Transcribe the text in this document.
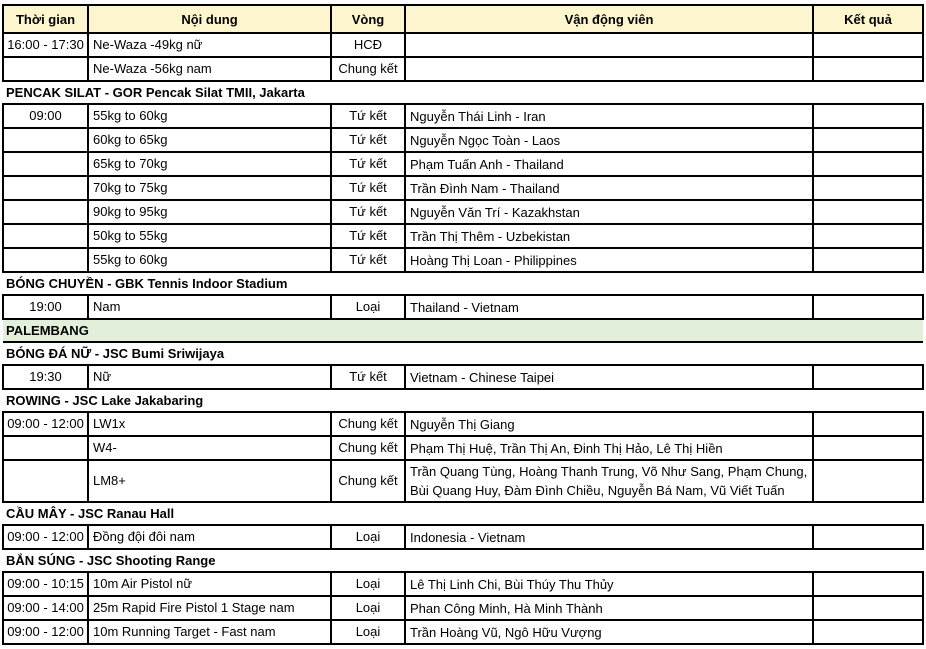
Thời gian	Nội dung	Vòng	Vận động viên	Kết quả
16:00 - 17:30	Ne-Waza -49kg nữ	HCĐ		
	Ne-Waza -56kg nam	Chung kết		
PENCAK SILAT - GOR Pencak Silat TMII, Jakarta				
09:00	55kg to 60kg	Tứ kết	Nguyễn Thái Linh - Iran	
	60kg to 65kg	Tứ kết	Nguyễn Ngọc Toàn - Laos	
	65kg to 70kg	Tứ kết	Phạm Tuấn Anh - Thailand	
	70kg to 75kg	Tứ kết	Trần Đình Nam - Thailand	
	90kg to 95kg	Tứ kết	Nguyễn Văn Trí - Kazakhstan	
	50kg to 55kg	Tứ kết	Trần Thị Thêm - Uzbekistan	
	55kg to 60kg	Tứ kết	Hoàng Thị Loan - Philippines	
BÓNG CHUYỀN - GBK Tennis Indoor Stadium				
19:00	Nam	Loại	Thailand - Vietnam	
PALEMBANG				
BÓNG ĐÁ NỮ - JSC Bumi Sriwijaya				
19:30	Nữ	Tứ kết	Vietnam - Chinese Taipei	
ROWING - JSC Lake Jakabaring				
09:00 - 12:00	LW1x	Chung kết	Nguyễn Thị Giang	
	W4-	Chung kết	Phạm Thị Huệ, Trần Thị An, Đinh Thị Hảo, Lê Thị Hiền	
	LM8+	Chung kết	Trần Quang Tùng, Hoàng Thanh Trung, Võ Như Sang, Phạm Chung, Bùi Quang Huy, Đàm Đình Chiều, Nguyễn Bá Nam, Vũ Viết Tuấn	
CẦU MÂY - JSC Ranau Hall				
09:00 - 12:00	Đồng đội đôi nam	Loại	Indonesia - Vietnam	
BẮN SÚNG - JSC Shooting Range				
09:00 - 10:15	10m Air Pistol nữ	Loại	Lê Thị Linh Chi, Bùi Thúy Thu Thủy	
09:00 - 14:00	25m Rapid Fire Pistol 1 Stage nam	Loại	Phan Công Minh, Hà Minh Thành	
09:00 - 12:00	10m Running Target - Fast nam	Loại	Trần Hoàng Vũ, Ngô Hữu Vượng	
